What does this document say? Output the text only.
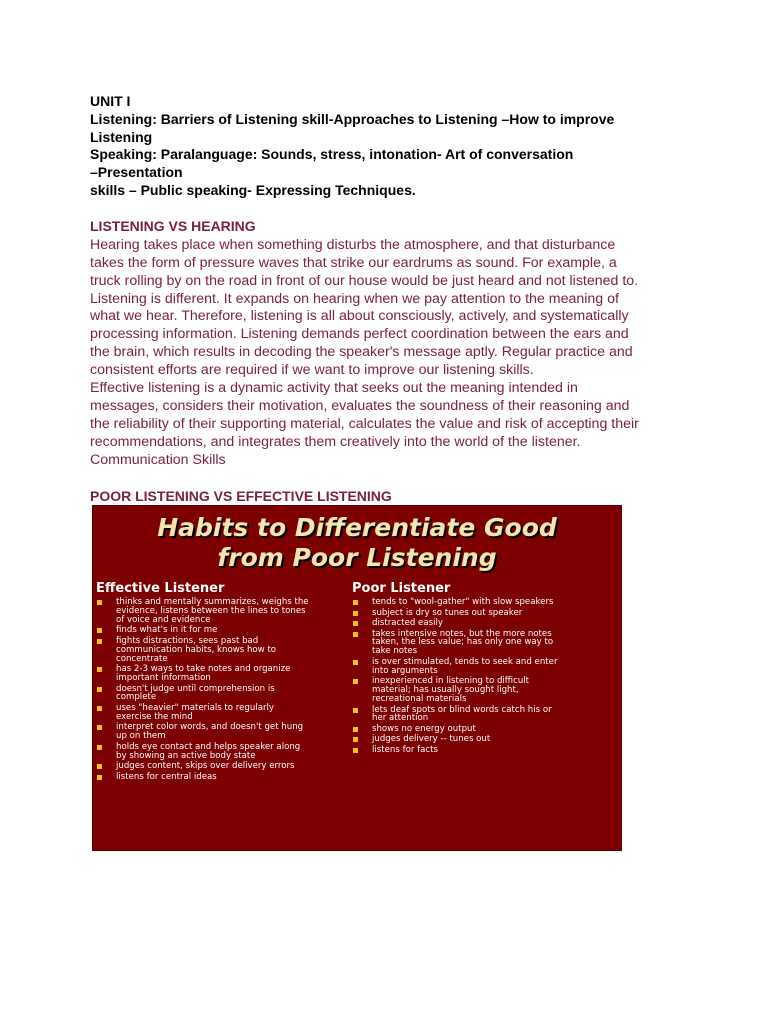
UNIT I
Listening: Barriers of Listening skill-Approaches to Listening –How to improve
Listening
Speaking: Paralanguage: Sounds, stress, intonation- Art of conversation
–Presentation
skills – Public speaking- Expressing Techniques.
LISTENING VS HEARING
Hearing takes place when something disturbs the atmosphere, and that disturbance
takes the form of pressure waves that strike our eardrums as sound. For example, a
truck rolling by on the road in front of our house would be just heard and not listened to.
Listening is different. It expands on hearing when we pay attention to the meaning of
what we hear. Therefore, listening is all about consciously, actively, and systematically
processing information. Listening demands perfect coordination between the ears and
the brain, which results in decoding the speaker's message aptly. Regular practice and
consistent efforts are required if we want to improve our listening skills.
Effective listening is a dynamic activity that seeks out the meaning intended in
messages, considers their motivation, evaluates the soundness of their reasoning and
the reliability of their supporting material, calculates the value and risk of accepting their
recommendations, and integrates them creatively into the world of the listener.
Communication Skills
POOR LISTENING VS EFFECTIVE LISTENING
Habits to Differentiate Good
from Poor Listening
Effective Listener
thinks and mentally summarizes, weighs the
evidence, listens between the lines to tones
of voice and evidence
finds what's in it for me
fights distractions, sees past bad
communication habits, knows how to
concentrate
has 2-3 ways to take notes and organize
important information
doesn't judge until comprehension is
complete
uses "heavier" materials to regularly
exercise the mind
interpret color words, and doesn't get hung
up on them
holds eye contact and helps speaker along
by showing an active body state
judges content, skips over delivery errors
listens for central ideas
Poor Listener
tends to "wool-gather" with slow speakers
subject is dry so tunes out speaker
distracted easily
takes intensive notes, but the more notes
taken, the less value; has only one way to
take notes
is over stimulated, tends to seek and enter
into arguments
inexperienced in listening to difficult
material; has usually sought light,
recreational materials
lets deaf spots or blind words catch his or
her attention
shows no energy output
judges delivery -- tunes out
listens for facts
